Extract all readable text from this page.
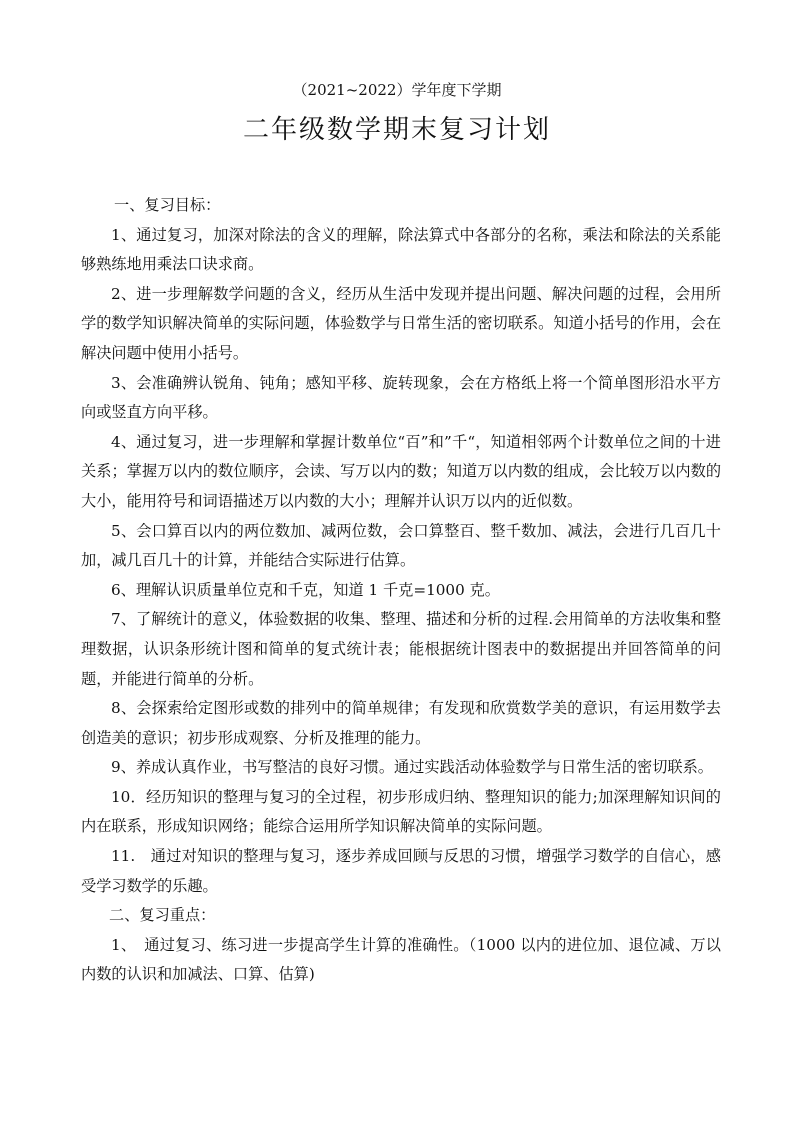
（2021~2022）学年度下学期
二年级数学期末复习计划

一、复习目标：

1、通过复习，加深对除法的含义的理解，除法算式中各部分的名称，乘法和除法的关系能够熟练地用乘法口诀求商。

2、进一步理解数学问题的含义，经历从生活中发现并提出问题、解决问题的过程，会用所学的数学知识解决简单的实际问题，体验数学与日常生活的密切联系。知道小括号的作用，会在解决问题中使用小括号。

3、会准确辨认锐角、钝角；感知平移、旋转现象，会在方格纸上将一个简单图形沿水平方向或竖直方向平移。

4、通过复习，进一步理解和掌握计数单位“百”和”千“，知道相邻两个计数单位之间的十进关系；掌握万以内的数位顺序，会读、写万以内的数；知道万以内数的组成，会比较万以内数的大小，能用符号和词语描述万以内数的大小；理解并认识万以内的近似数。

5、会口算百以内的两位数加、减两位数，会口算整百、整千数加、减法，会进行几百几十加，减几百几十的计算，并能结合实际进行估算。

6、理解认识质量单位克和千克，知道 1 千克=1000 克。

7、了解统计的意义，体验数据的收集、整理、描述和分析的过程.会用简单的方法收集和整理数据，认识条形统计图和简单的复式统计表；能根据统计图表中的数据提出并回答简单的问题，并能进行简单的分析。

8、会探索给定图形或数的排列中的简单规律；有发现和欣赏数学美的意识，有运用数学去创造美的意识；初步形成观察、分析及推理的能力。

9、养成认真作业，书写整洁的良好习惯。通过实践活动体验数学与日常生活的密切联系。

10．经历知识的整理与复习的全过程，初步形成归纳、整理知识的能力;加深理解知识间的内在联系，形成知识网络；能综合运用所学知识解决简单的实际问题。

11.　通过对知识的整理与复习，逐步养成回顾与反思的习惯，增强学习数学的自信心，感受学习数学的乐趣。

二、复习重点：

1、　通过复习、练习进一步提高学生计算的准确性。（1000 以内的进位加、退位减、万以内数的认识和加减法、口算、估算)
